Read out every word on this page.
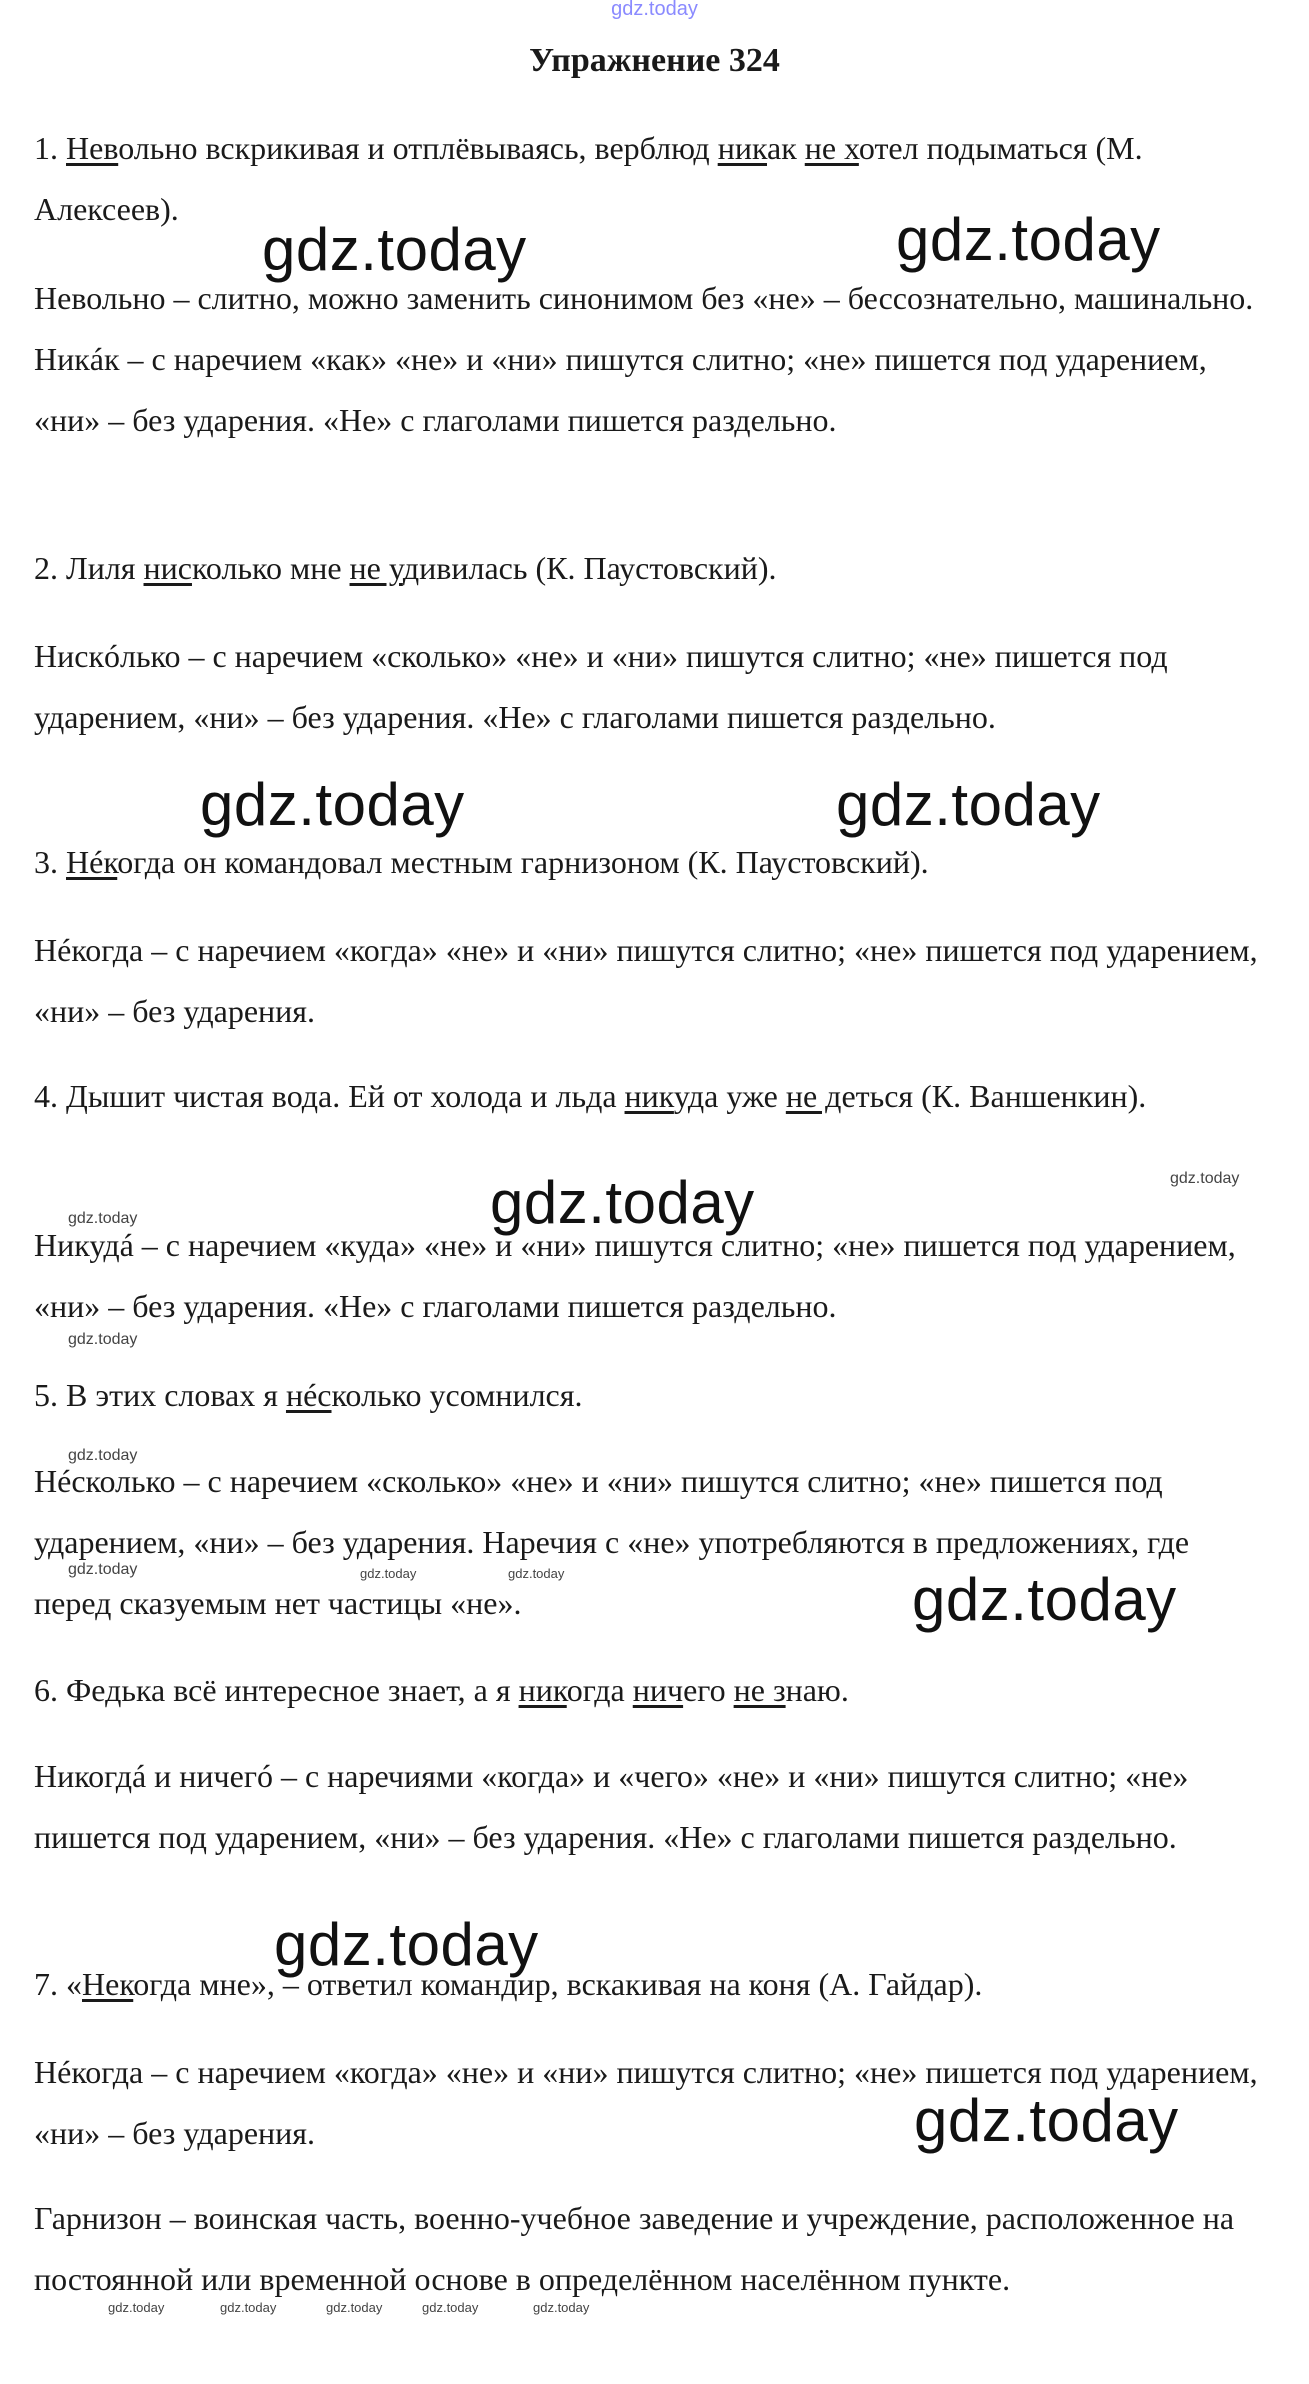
gdz.today
Упражнение 324

1. Невольно вскрикивая и отплёвываясь, верблюд никак не хотел подыматься (М. Алексеев).

Невольно – слитно, можно заменить синонимом без «не» – бессознательно, машинально. Никáк – с наречием «как» «не» и «ни» пишутся слитно; «не» пишется под ударением, «ни» – без ударения. «Не» с глаголами пишется раздельно.

2. Лиля нисколько мне не удивилась (К. Паустовский).

Нискóлько – с наречием «сколько» «не» и «ни» пишутся слитно; «не» пишется под ударением, «ни» – без ударения. «Не» с глаголами пишется раздельно.

3. Нéкогда он командовал местным гарнизоном (К. Паустовский).

Нéкогда – с наречием «когда» «не» и «ни» пишутся слитно; «не» пишется под ударением, «ни» – без ударения.

4. Дышит чистая вода. Ей от холода и льда никуда уже не деться (К. Ваншенкин).

Никудá – с наречием «куда» «не» и «ни» пишутся слитно; «не» пишется под ударением, «ни» – без ударения. «Не» с глаголами пишется раздельно.

5. В этих словах я нéсколько усомнился.

Нéсколько – с наречием «сколько» «не» и «ни» пишутся слитно; «не» пишется под ударением, «ни» – без ударения. Наречия с «не» употребляются в предложениях, где перед сказуемым нет частицы «не».

6. Федька всё интересное знает, а я никогда ничего не знаю.

Никогдá и ничегó – с наречиями «когда» и «чего» «не» и «ни» пишутся слитно; «не» пишется под ударением, «ни» – без ударения. «Не» с глаголами пишется раздельно.

7. «Некогда мне», – ответил командир, вскакивая на коня (А. Гайдар).

Нéкогда – с наречием «когда» «не» и «ни» пишутся слитно; «не» пишется под ударением, «ни» – без ударения.

Гарнизон – воинская часть, военно-учебное заведение и учреждение, расположенное на постоянной или временной основе в определённом населённом пункте.

gdz.today	gdz.today
gdz.today	gdz.today
gdz.today
gdz.today
gdz.today
gdz.today
gdz.today
gdz.today
gdz.today
gdz.today
gdz.today	gdz.today	gdz.today
gdz.today	gdz.today	gdz.today	gdz.today	gdz.today
